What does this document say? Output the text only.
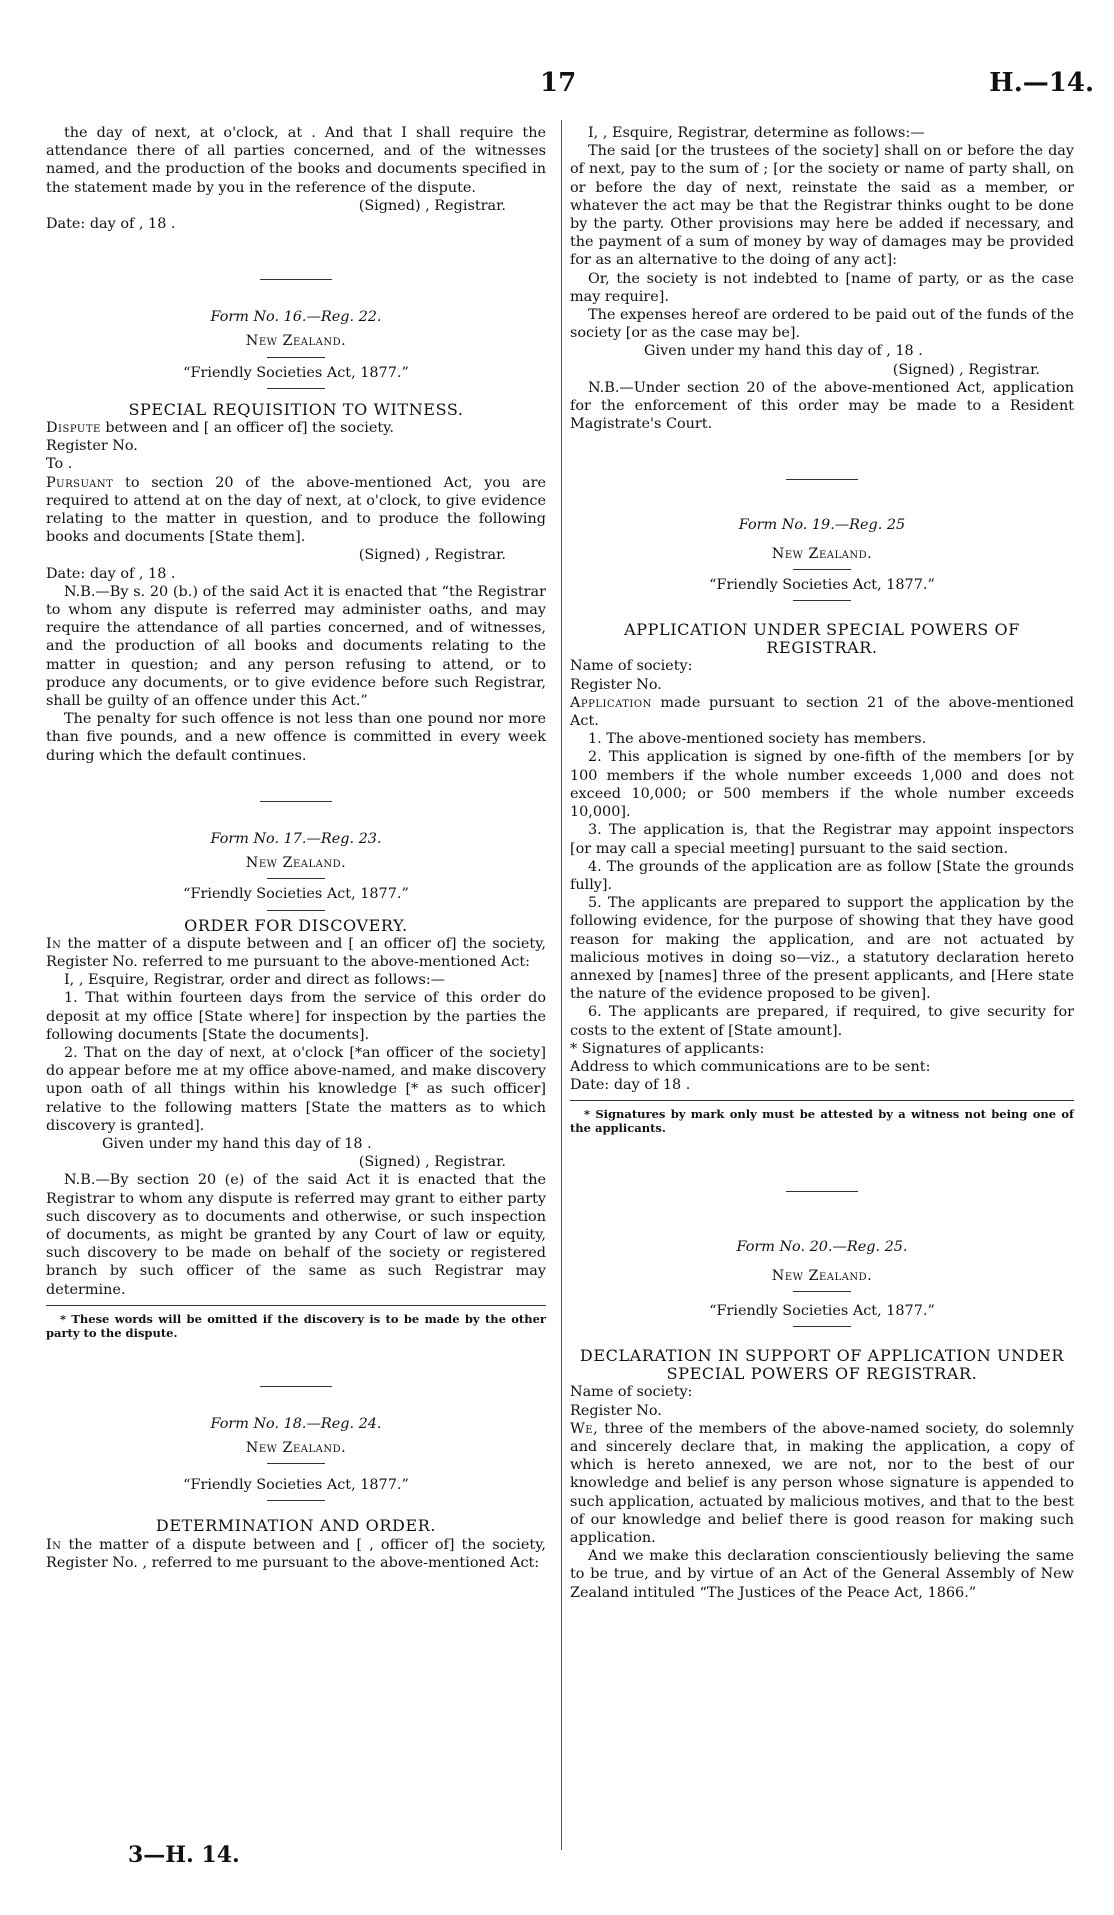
17	H.—14.

the day of next, at o'clock, at . And that I shall require the attendance there of all parties concerned, and of the witnesses named, and the production of the books and documents specified in the statement made by you in the reference of the dispute.

(Signed) , Registrar.

Date: day of , 18 .

Form No. 16.—Reg. 22.

New Zealand.

“Friendly Societies Act, 1877.”

SPECIAL REQUISITION TO WITNESS.

Dispute between and [ an officer of] the society.

Register No.

To .

Pursuant to section 20 of the above-mentioned Act, you are required to attend at on the day of next, at o'clock, to give evidence relating to the matter in question, and to produce the following books and documents [State them].

(Signed) , Registrar.

Date: day of , 18 .

N.B.—By s. 20 (b.) of the said Act it is enacted that “the Registrar to whom any dispute is referred may administer oaths, and may require the attendance of all parties concerned, and of witnesses, and the production of all books and documents relating to the matter in question; and any person refusing to attend, or to produce any documents, or to give evidence before such Registrar, shall be guilty of an offence under this Act.”

The penalty for such offence is not less than one pound nor more than five pounds, and a new offence is committed in every week during which the default continues.

Form No. 17.—Reg. 23.

New Zealand.

“Friendly Societies Act, 1877.”

ORDER FOR DISCOVERY.

In the matter of a dispute between and [ an officer of] the society, Register No. referred to me pursuant to the above-mentioned Act:

I, , Esquire, Registrar, order and direct as follows:—

1. That within fourteen days from the service of this order do deposit at my office [State where] for inspection by the parties the following documents [State the documents].

2. That on the day of next, at o'clock [*an officer of the society] do appear before me at my office above-named, and make discovery upon oath of all things within his knowledge [* as such officer] relative to the following matters [State the matters as to which discovery is granted].

Given under my hand this day of 18 .

(Signed) , Registrar.

N.B.—By section 20 (e) of the said Act it is enacted that the Registrar to whom any dispute is referred may grant to either party such discovery as to documents and otherwise, or such inspection of documents, as might be granted by any Court of law or equity, such discovery to be made on behalf of the society or registered branch by such officer of the same as such Registrar may determine.

* These words will be omitted if the discovery is to be made by the other party to the dispute.

Form No. 18.—Reg. 24.

New Zealand.

“Friendly Societies Act, 1877.”

DETERMINATION AND ORDER.

In the matter of a dispute between and [ , officer of] the society, Register No. , referred to me pursuant to the above-mentioned Act:

3—H. 14.

I, , Esquire, Registrar, determine as follows:—

The said [or the trustees of the society] shall on or before the day of next, pay to the sum of ; [or the society or name of party shall, on or before the day of next, reinstate the said as a member, or whatever the act may be that the Registrar thinks ought to be done by the party. Other provisions may here be added if necessary, and the payment of a sum of money by way of damages may be provided for as an alternative to the doing of any act]:

Or, the society is not indebted to [name of party, or as the case may require].

The expenses hereof are ordered to be paid out of the funds of the society [or as the case may be].

Given under my hand this day of , 18 .

(Signed) , Registrar.

N.B.—Under section 20 of the above-mentioned Act, application for the enforcement of this order may be made to a Resident Magistrate's Court.

Form No. 19.—Reg. 25

New Zealand.

“Friendly Societies Act, 1877.”

APPLICATION UNDER SPECIAL POWERS OF REGISTRAR.

Name of society:

Register No.

Application made pursuant to section 21 of the above-mentioned Act.

1. The above-mentioned society has members.

2. This application is signed by one-fifth of the members [or by 100 members if the whole number exceeds 1,000 and does not exceed 10,000; or 500 members if the whole number exceeds 10,000].

3. The application is, that the Registrar may appoint inspectors [or may call a special meeting] pursuant to the said section.

4. The grounds of the application are as follow [State the grounds fully].

5. The applicants are prepared to support the application by the following evidence, for the purpose of showing that they have good reason for making the application, and are not actuated by malicious motives in doing so—viz., a statutory declaration hereto annexed by [names] three of the present applicants, and [Here state the nature of the evidence proposed to be given].

6. The applicants are prepared, if required, to give security for costs to the extent of [State amount].

* Signatures of applicants:

Address to which communications are to be sent:

Date: day of 18 .

* Signatures by mark only must be attested by a witness not being one of the applicants.

Form No. 20.—Reg. 25.

New Zealand.

“Friendly Societies Act, 1877.”

DECLARATION IN SUPPORT OF APPLICATION UNDER SPECIAL POWERS OF REGISTRAR.

Name of society:

Register No.

We, three of the members of the above-named society, do solemnly and sincerely declare that, in making the application, a copy of which is hereto annexed, we are not, nor to the best of our knowledge and belief is any person whose signature is appended to such application, actuated by malicious motives, and that to the best of our knowledge and belief there is good reason for making such application.

And we make this declaration conscientiously believing the same to be true, and by virtue of an Act of the General Assembly of New Zealand intituled “The Justices of the Peace Act, 1866.”
